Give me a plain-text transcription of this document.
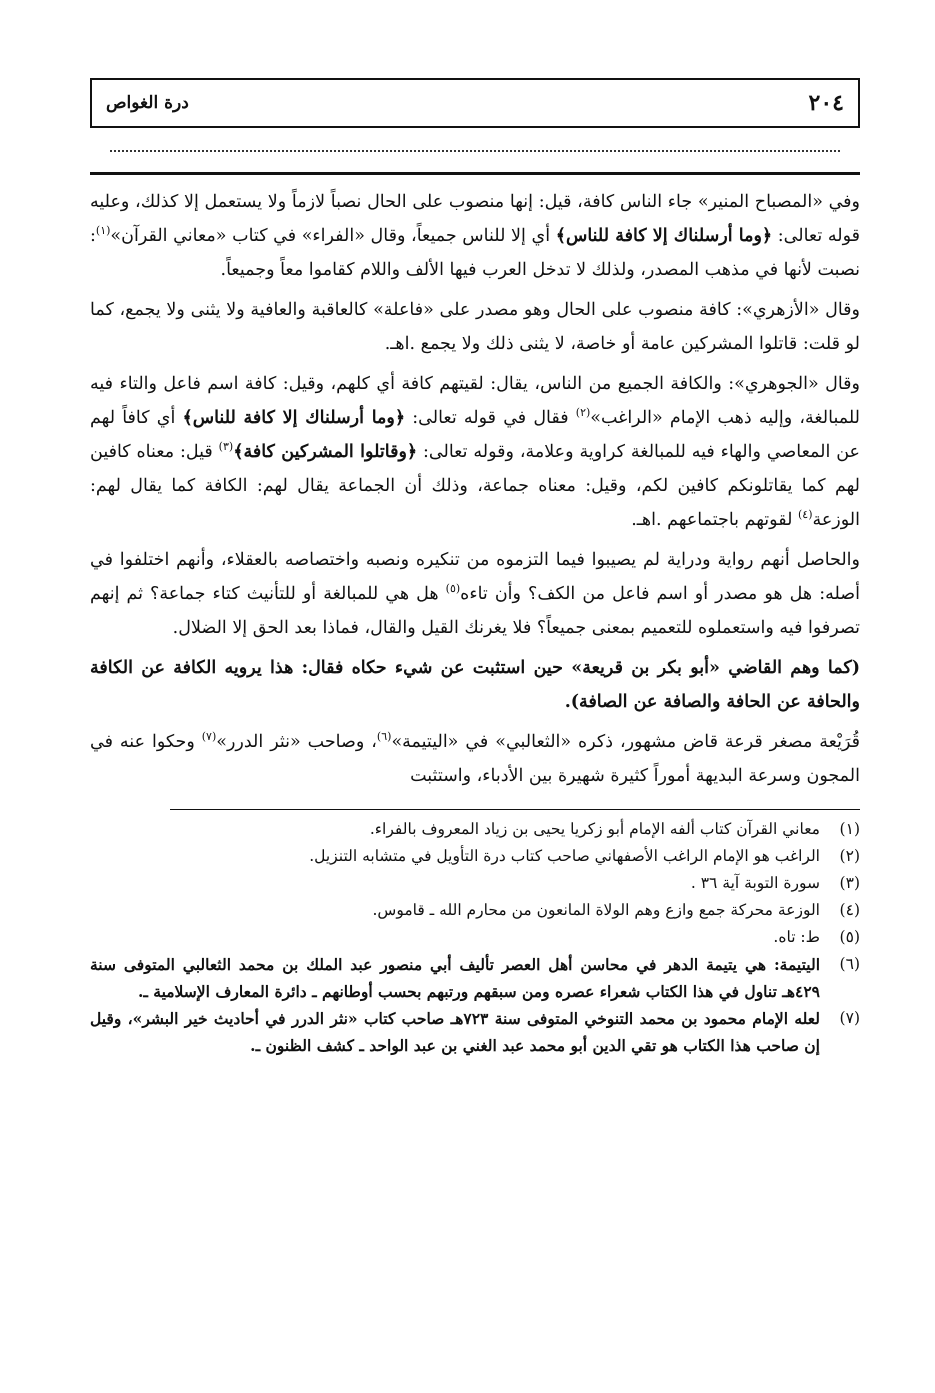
٢٠٤
درة الغواص

وفي «المصباح المنير» جاء الناس كافة، قيل: إنها منصوب على الحال نصباً لازماً ولا يستعمل إلا كذلك، وعليه قوله تعالى: ﴿وما أرسلناك إلا كافة للناس﴾ أي إلا للناس جميعاً، وقال «الفراء» في كتاب «معاني القرآن»$^{(١)}$: نصبت لأنها في مذهب المصدر، ولذلك لا تدخل العرب فيها الألف واللام كقاموا معاً وجميعاً.

وقال «الأزهري»: كافة منصوب على الحال وهو مصدر على «فاعلة» كالعاقبة والعافية ولا يثنى ولا يجمع، كما لو قلت: قاتلوا المشركين عامة أو خاصة، لا يثنى ذلك ولا يجمع .اهـ.

وقال «الجوهري»: والكافة الجميع من الناس، يقال: لقيتهم كافة أي كلهم، وقيل: كافة اسم فاعل والتاء فيه للمبالغة، وإليه ذهب الإمام «الراغب»$^{(٢)}$ فقال في قوله تعالى: ﴿وما أرسلناك إلا كافة للناس﴾ أي كافاً لهم عن المعاصي والهاء فيه للمبالغة كراوية وعلامة، وقوله تعالى: ﴿وقاتلوا المشركين كافة﴾$^{(٣)}$ قيل: معناه كافين لهم كما يقاتلونكم كافين لكم، وقيل: معناه جماعة، وذلك أن الجماعة يقال لهم: الكافة كما يقال لهم: الوزعة$^{(٤)}$ لقوتهم باجتماعهم .اهـ.

والحاصل أنهم رواية ودراية لم يصيبوا فيما التزموه من تنكيره ونصبه واختصاصه بالعقلاء، وأنهم اختلفوا في أصله: هل هو مصدر أو اسم فاعل من الكف؟ وأن تاءه$^{(٥)}$ هل هي للمبالغة أو للتأنيث كتاء جماعة؟ ثم إنهم تصرفوا فيه واستعملوه للتعميم بمعنى جميعاً؟ فلا يغرنك القيل والقال، فماذا بعد الحق إلا الضلال.

(كما وهم القاضي «أبو بكر بن قريعة» حين استثبت عن شيء حكاه فقال: هذا يرويه الكافة عن الكافة والحافة عن الحافة والصافة عن الصافة).

قُرَيْعة مصغر قرعة قاض مشهور، ذكره «الثعالبي» في «اليتيمة»$^{(٦)}$، وصاحب «نثر الدرر»$^{(٧)}$ وحكوا عنه في المجون وسرعة البديهة أموراً كثيرة شهيرة بين الأدباء، واستثبت

(١)
معاني القرآن كتاب ألفه الإمام أبو زكريا يحيى بن زياد المعروف بالفراء.
(٢)
الراغب هو الإمام الراغب الأصفهاني صاحب كتاب درة التأويل في متشابه التنزيل.
(٣)
سورة التوبة آية ٣٦ .
(٤)
الوزعة محركة جمع وازع وهم الولاة المانعون من محارم الله ـ قاموس.
(٥)
ط: تاه.
(٦)
اليتيمة: هي يتيمة الدهر في محاسن أهل العصر تأليف أبي منصور عبد الملك بن محمد الثعالبي المتوفى سنة ٤٢٩هـ تناول في هذا الكتاب شعراء عصره ومن سبقهم ورتبهم بحسب أوطانهم ـ دائرة المعارف الإسلامية ـ.
(٧)
لعله الإمام محمود بن محمد التنوخي المتوفى سنة ٧٢٣هـ صاحب كتاب «نثر الدرر في أحاديث خير البشر»، وقيل إن صاحب هذا الكتاب هو تقي الدين أبو محمد عبد الغني بن عبد الواحد ـ كشف الظنون ـ.
